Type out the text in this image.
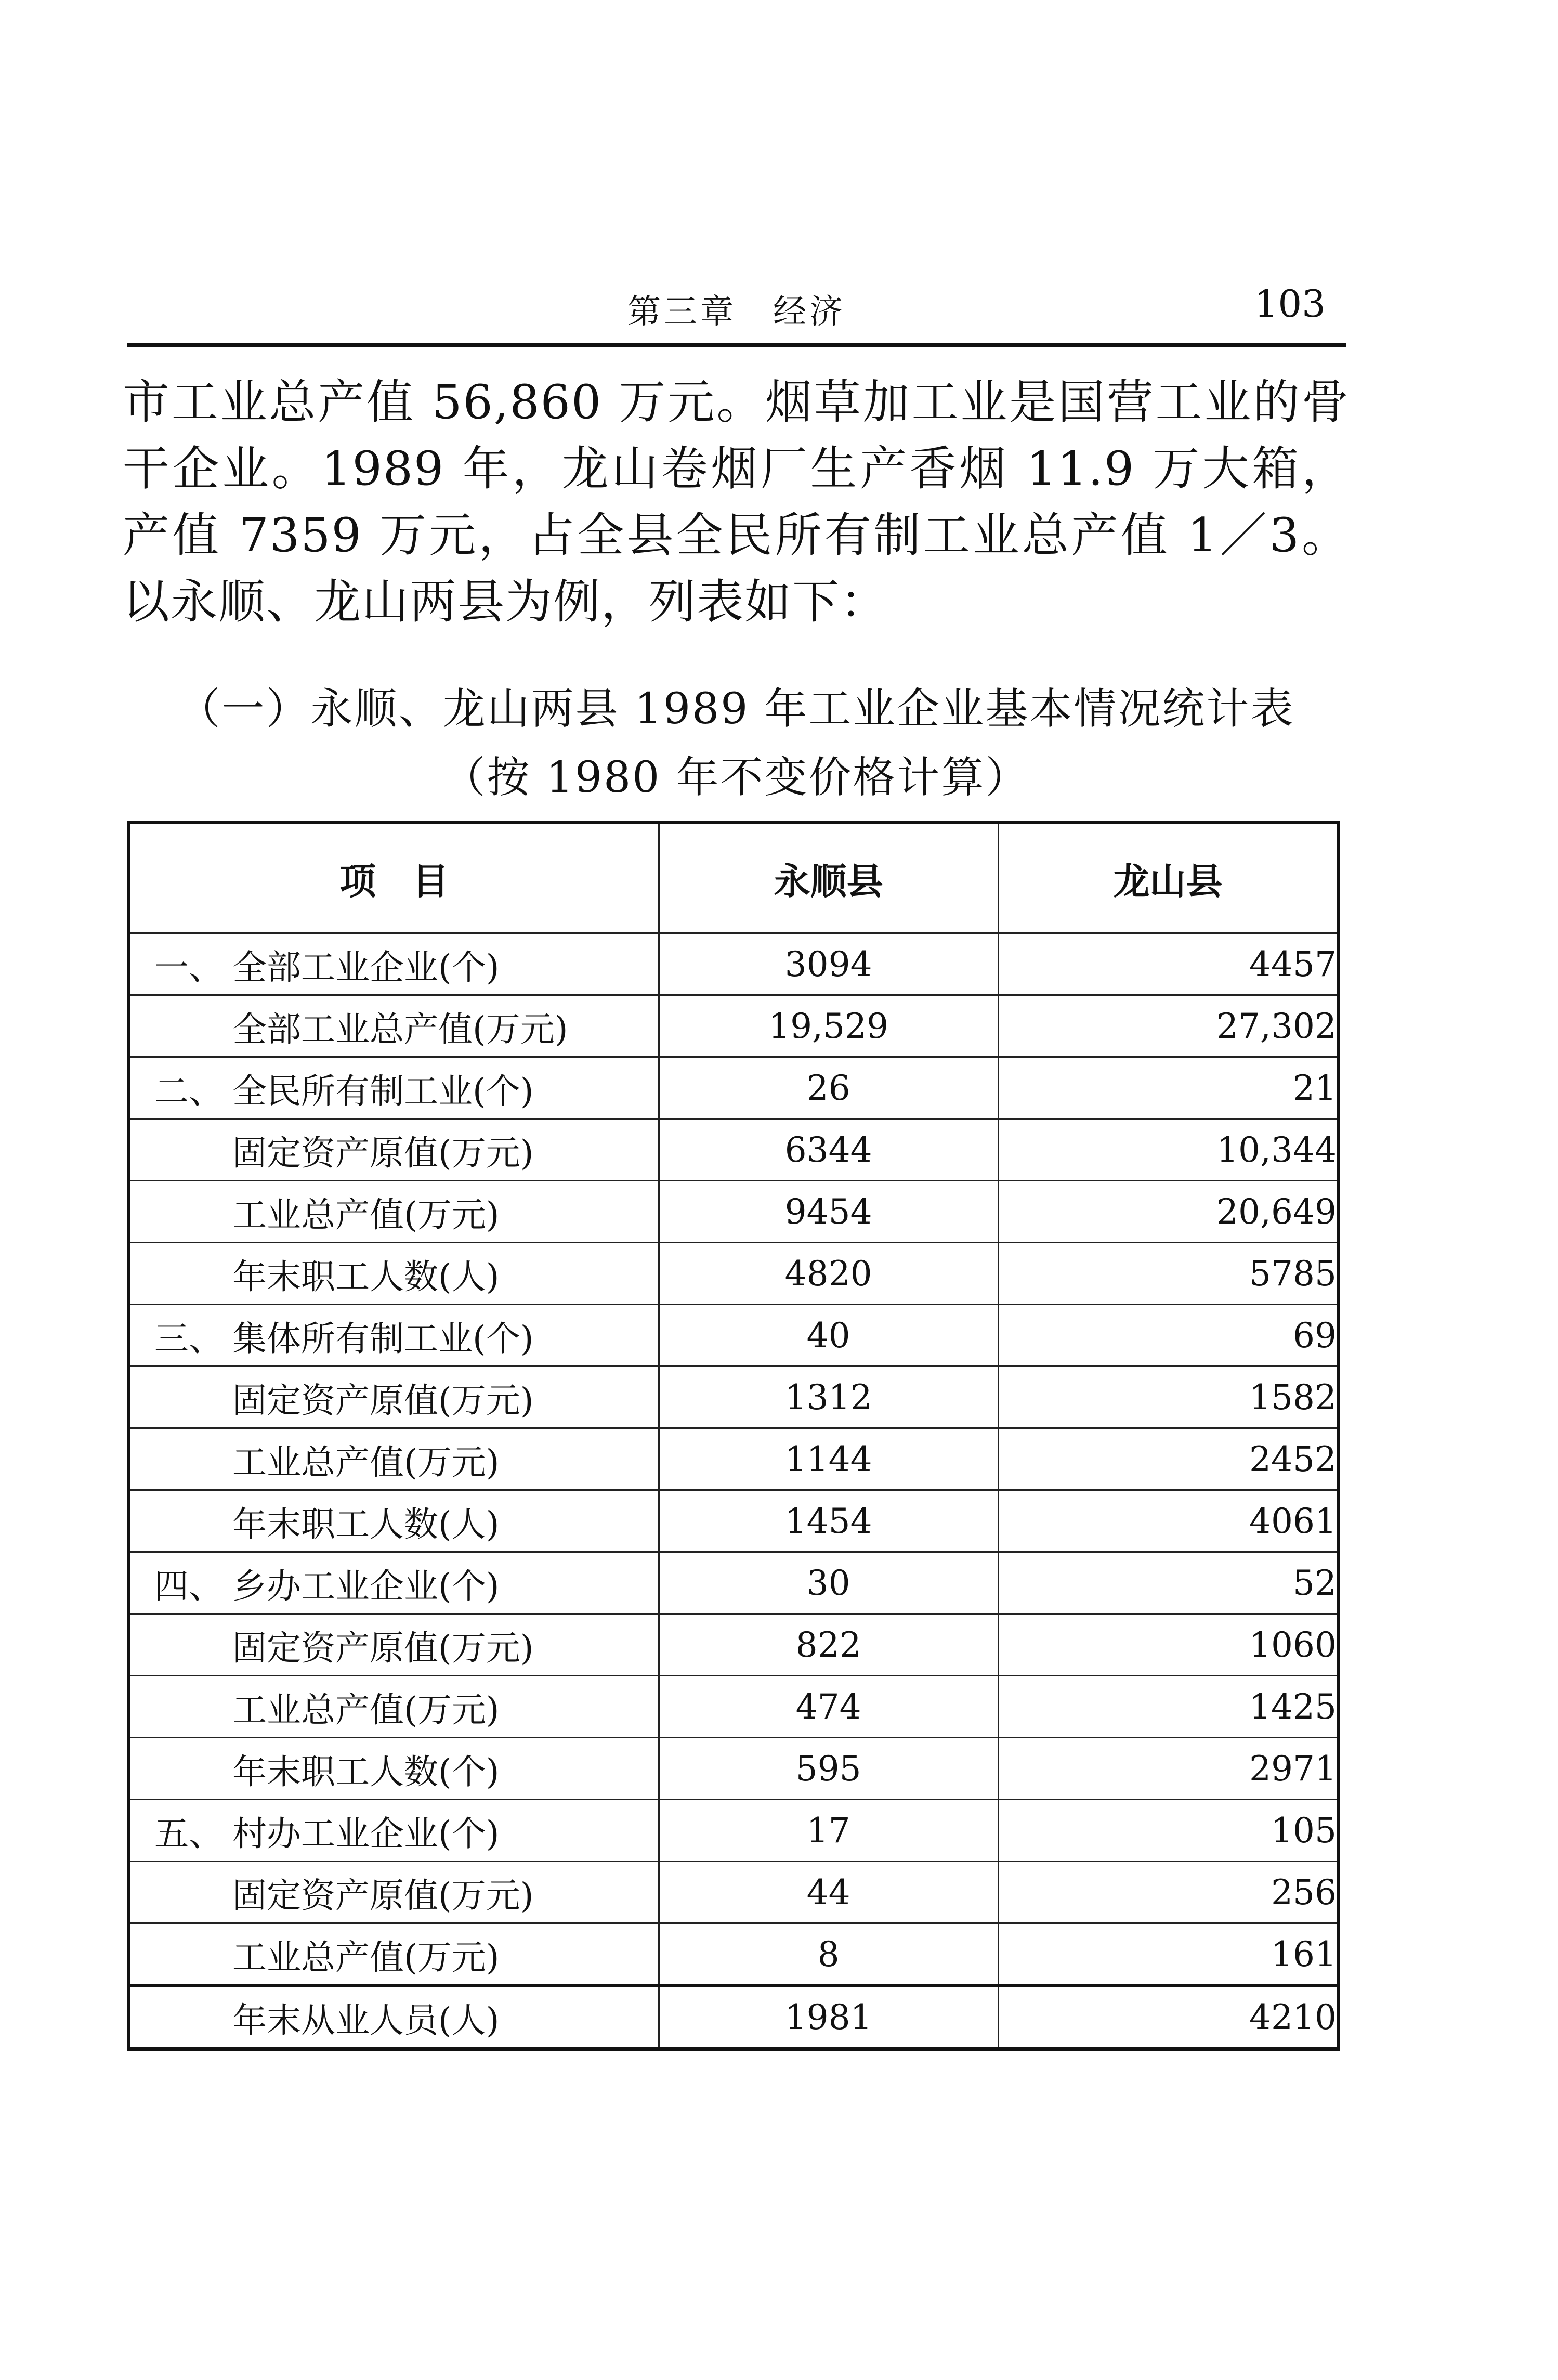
第三章　经济	103

市工业总产值 56,860 万元。烟草加工业是国营工业的骨干企业。1989 年，龙山卷烟厂生产香烟 11.9 万大箱，产值 7359 万元，占全县全民所有制工业总产值 1／3。以永顺、龙山两县为例，列表如下：

（一）永顺、龙山两县 1989 年工业企业基本情况统计表

（按 1980 年不变价格计算）

项　目	永顺县	龙山县
一、 全部工业企业(个)	3094	4457
全部工业总产值(万元)	19,529	27,302
二、 全民所有制工业(个)	26	21
固定资产原值(万元)	6344	10,344
工业总产值(万元)	9454	20,649
年末职工人数(人)	4820	5785
三、 集体所有制工业(个)	40	69
固定资产原值(万元)	1312	1582
工业总产值(万元)	1144	2452
年末职工人数(人)	1454	4061
四、 乡办工业企业(个)	30	52
固定资产原值(万元)	822	1060
工业总产值(万元)	474	1425
年末职工人数(个)	595	2971
五、 村办工业企业(个)	17	105
固定资产原值(万元)	44	256
工业总产值(万元)	8	161
年末从业人员(人)	1981	4210
